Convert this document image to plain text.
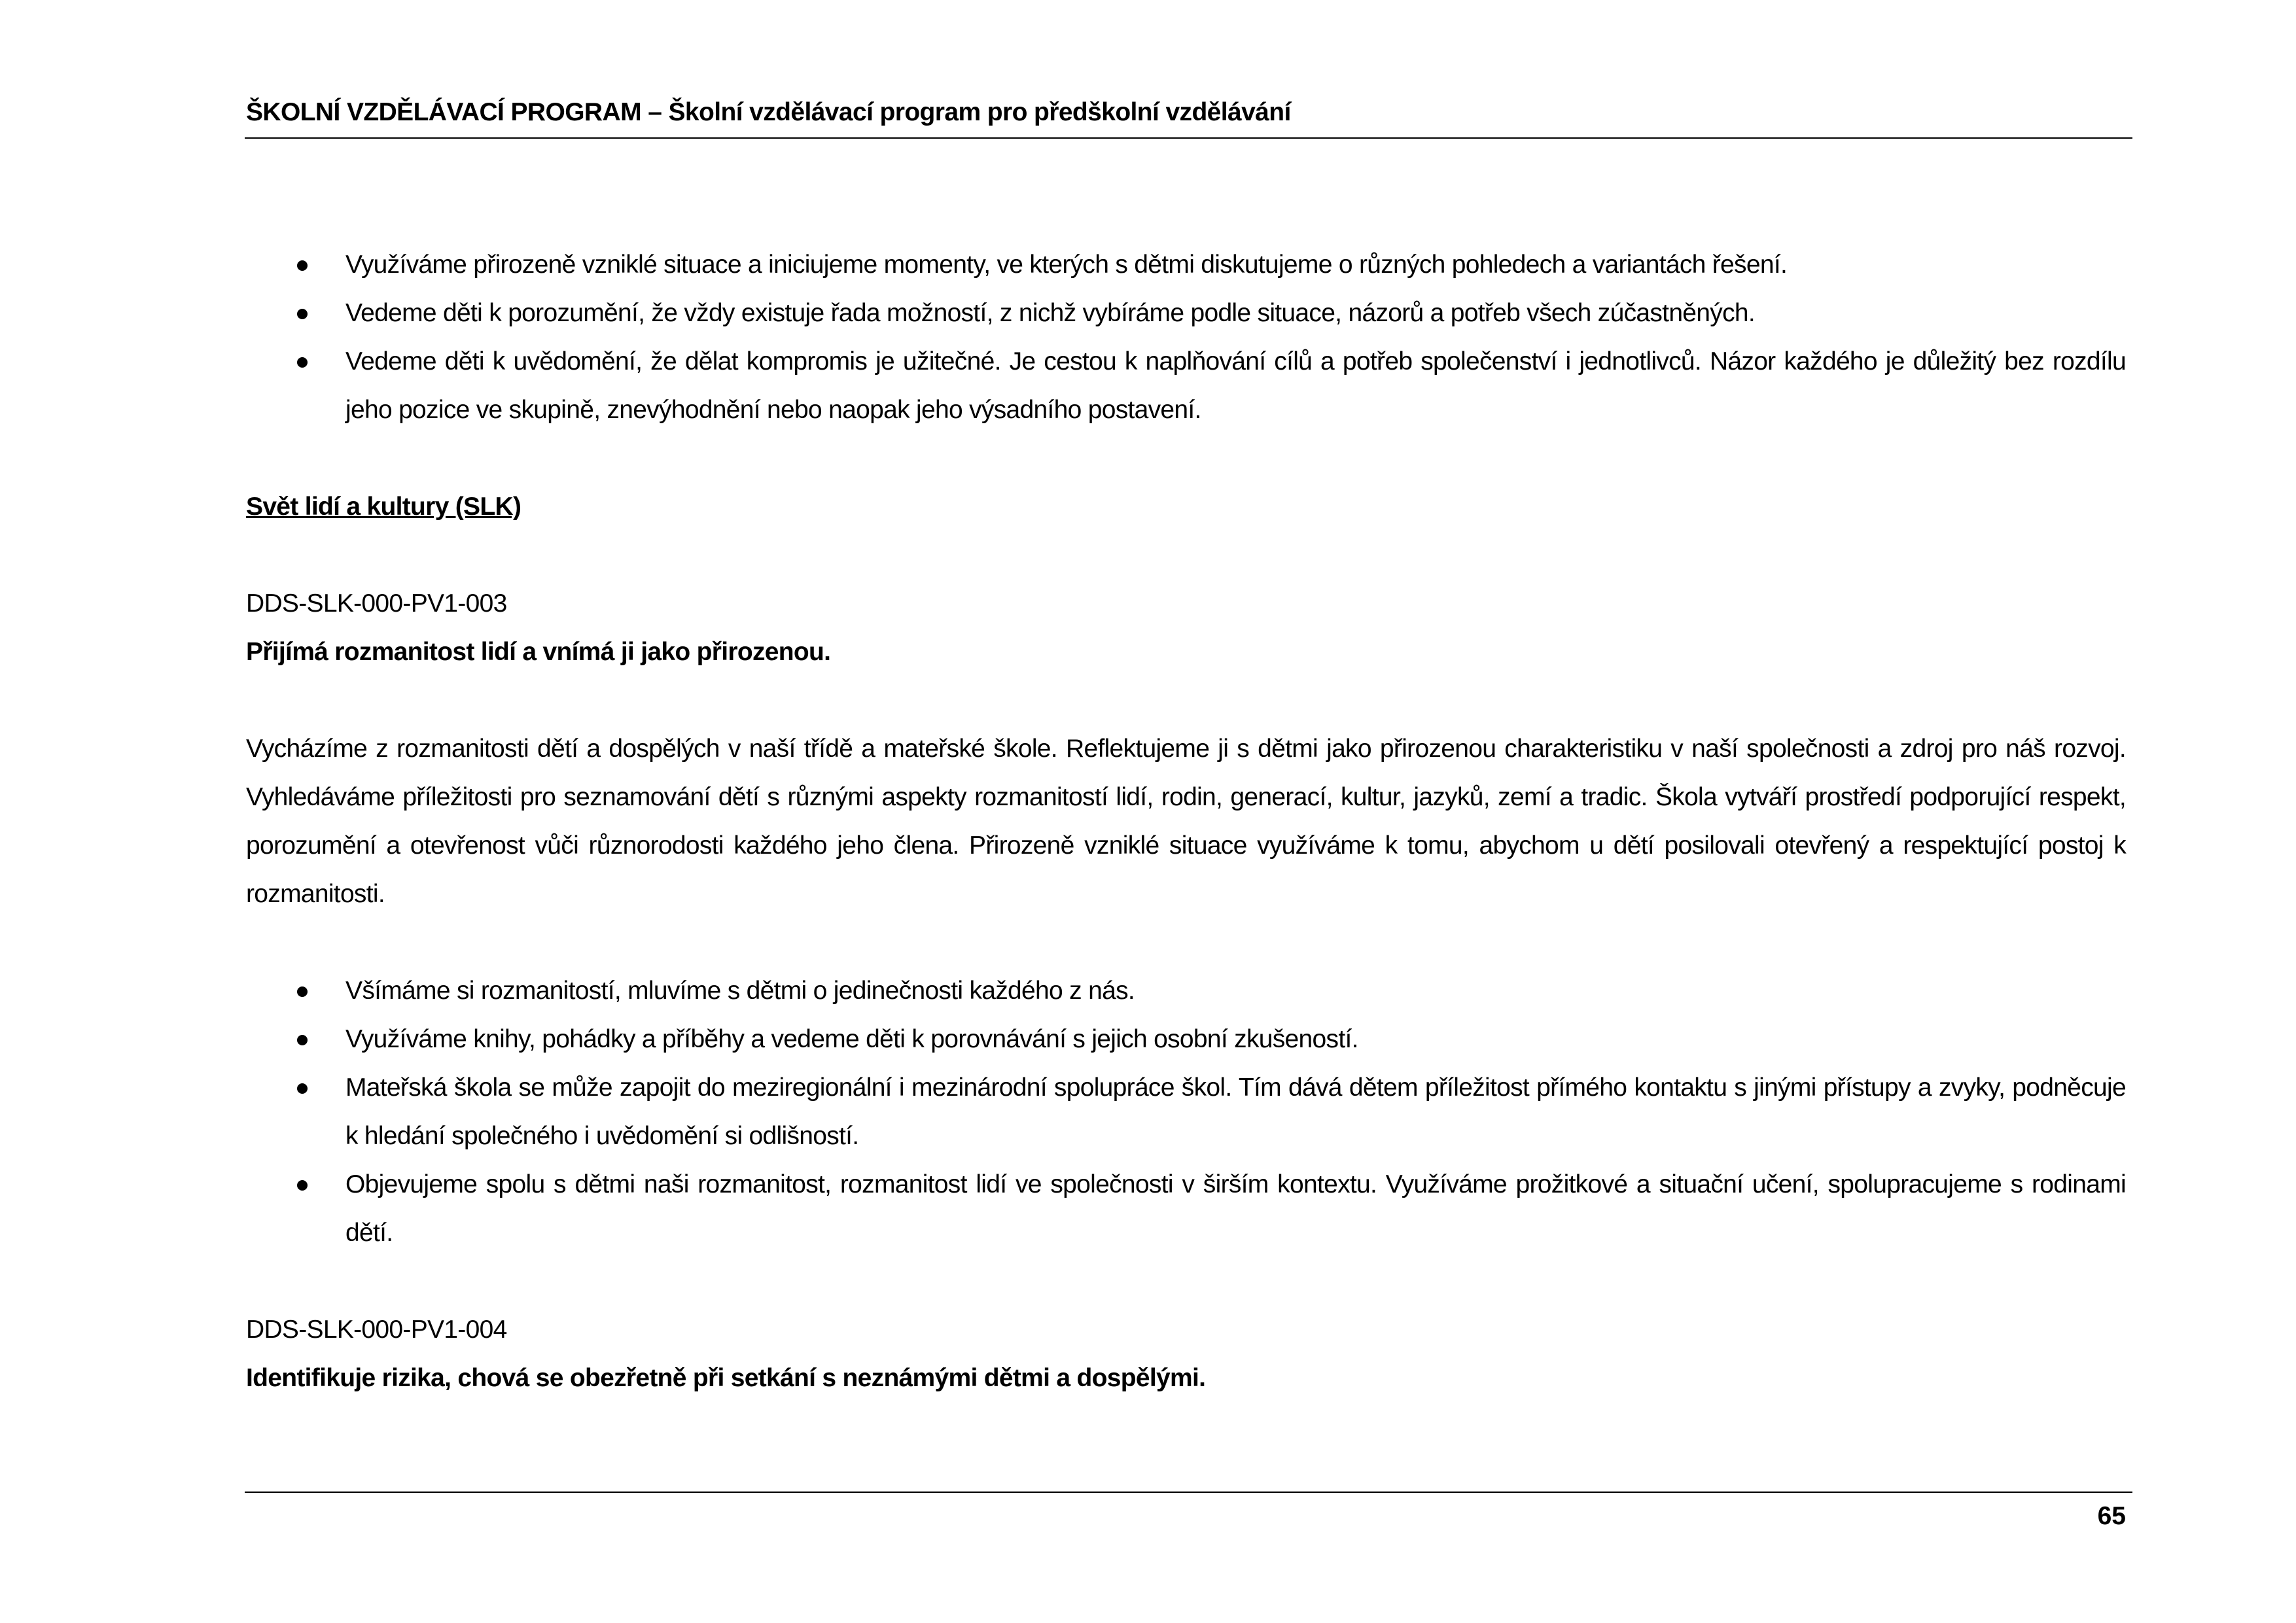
ŠKOLNÍ VZDĚLÁVACÍ PROGRAM – Školní vzdělávací program pro předškolní vzdělávání
Využíváme přirozeně vzniklé situace a iniciujeme momenty, ve kterých s dětmi diskutujeme o různých pohledech a variantách řešení.
Vedeme děti k porozumění, že vždy existuje řada možností, z nichž vybíráme podle situace, názorů a potřeb všech zúčastněných.
Vedeme děti k uvědomění, že dělat kompromis je užitečné. Je cestou k naplňování cílů a potřeb společenství i jednotlivců. Názor každého je důležitý bez rozdílu jeho pozice ve skupině, znevýhodnění nebo naopak jeho výsadního postavení.
Svět lidí a kultury (SLK)
DDS-SLK-000-PV1-003
Přijímá rozmanitost lidí a vnímá ji jako přirozenou.
Vycházíme z rozmanitosti dětí a dospělých v naší třídě a mateřské škole. Reflektujeme ji s dětmi jako přirozenou charakteristiku v naší společnosti a zdroj pro náš rozvoj. Vyhledáváme příležitosti pro seznamování dětí s různými aspekty rozmanitostí lidí, rodin, generací, kultur, jazyků, zemí a tradic. Škola vytváří prostředí podporující respekt, porozumění a otevřenost vůči různorodosti každého jeho člena. Přirozeně vzniklé situace využíváme k tomu, abychom u dětí posilovali otevřený a respektující postoj k rozmanitosti.
Všímáme si rozmanitostí, mluvíme s dětmi o jedinečnosti každého z nás.
Využíváme knihy, pohádky a příběhy a vedeme děti k porovnávání s jejich osobní zkušeností.
Mateřská škola se může zapojit do meziregionální i mezinárodní spolupráce škol. Tím dává dětem příležitost přímého kontaktu s jinými přístupy a zvyky, podněcuje k hledání společného i uvědomění si odlišností.
Objevujeme spolu s dětmi naši rozmanitost, rozmanitost lidí ve společnosti v širším kontextu. Využíváme prožitkové a situační učení, spolupracujeme s rodinami dětí.
DDS-SLK-000-PV1-004
Identifikuje rizika, chová se obezřetně při setkání s neznámými dětmi a dospělými.
65
